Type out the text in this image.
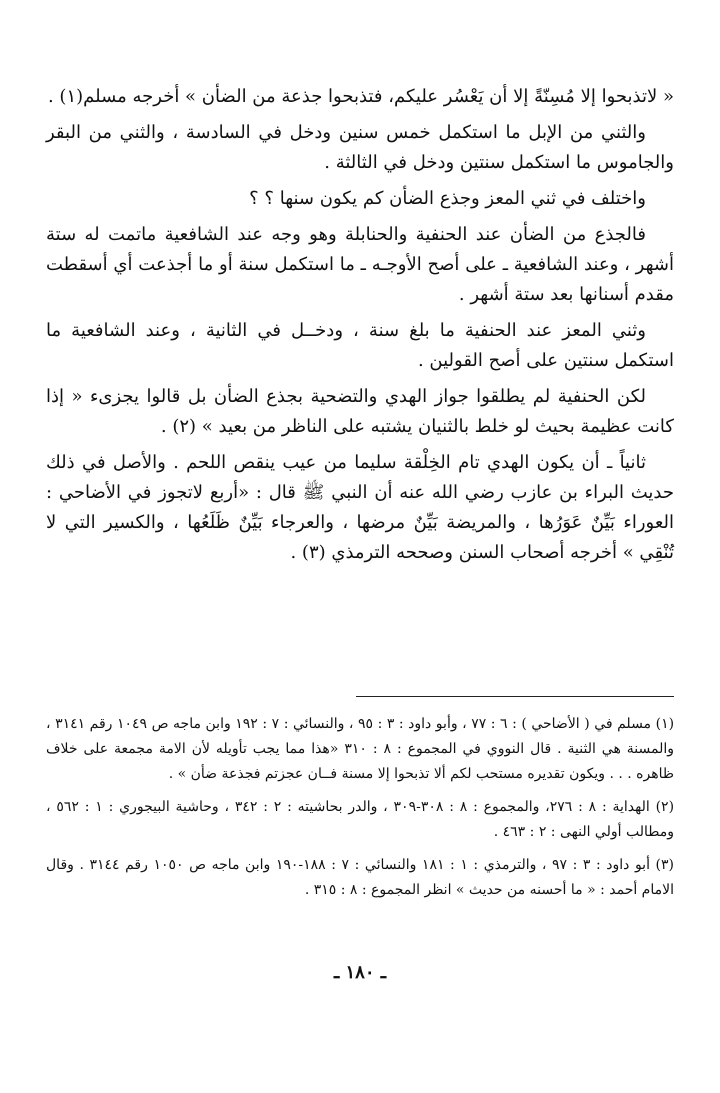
« لاتذبحوا إلا مُسِنّةً إلا أن يَعْسُر عليكم، فتذبحوا جذعة من الضأن » أخرجه مسلم(١) .

والثني من الإبل ما استكمل خمس سنين ودخل في السادسة ، والثني من البقر والجاموس ما استكمل سنتين ودخل في الثالثة .

واختلف في ثني المعز وجذع الضأن كم يكون سنها ؟ ؟

فالجذع من الضأن عند الحنفية والحنابلة وهو وجه عند الشافعية ماتمت له ستة أشهر ، وعند الشافعية ـ على أصح الأوجـه ـ ما استكمل سنة أو ما أجذعت أي أسقطت مقدم أسنانها بعد ستة أشهر .

وثني المعز عند الحنفية ما بلغ سنة ، ودخــل في الثانية ، وعند الشافعية ما استكمل سنتين على أصح القولين .

لكن الحنفية لم يطلقوا جواز الهدي والتضحية بجذع الضأن بل قالوا يجزىء « إذا كانت عظيمة بحيث لو خلط بالثنيان يشتبه على الناظر من بعيد » (٢) .

ثانياً ـ أن يكون الهدي تام الخِلْقة سليما من عيب ينقص اللحم . والأصل في ذلك حديث البراء بن عازب رضي الله عنه أن النبي ﷺ قال : «أربع لاتجوز في الأضاحي : العوراء بَيِّنٌ عَوَرُها ، والمريضة بَيِّنٌ مرضها ، والعرجاء بَيِّنٌ ظَلَعُها ، والكسير التي لا تُنْقِي » أخرجه أصحاب السنن وصححه الترمذي (٣) .

(١) مسلم في ( الأضاحي ) : ٦ : ٧٧ ، وأبو داود : ٣ : ٩٥ ، والنسائي : ٧ : ١٩٢ وابن ماجه ص ١٠٤٩ رقم ٣١٤١ ، والمسنة هي الثنية . قال النووي في المجموع : ٨ : ٣١٠ «هذا مما يجب تأويله لأن الامة مجمعة على خلاف ظاهره . . . ويكون تقديره مستحب لكم ألا تذبحوا إلا مسنة فــان عجزتم فجذعة ضأن » .

(٢) الهداية : ٨ : ٢٧٦، والمجموع : ٨ : ٣٠٨-٣٠٩ ، والدر بحاشيته : ٢ : ٣٤٢ ، وحاشية البيجوري : ١ : ٥٦٢ ، ومطالب أولي النهى : ٢ : ٤٦٣ .

(٣) أبو داود : ٣ : ٩٧ ، والترمذي : ١ : ١٨١ والنسائي : ٧ : ١٨٨-١٩٠ وابن ماجه ص ١٠٥٠ رقم ٣١٤٤ . وقال الامام أحمد : « ما أحسنه من حديث » انظر المجموع : ٨ : ٣١٥ .

ـ ١٨٠ ـ
